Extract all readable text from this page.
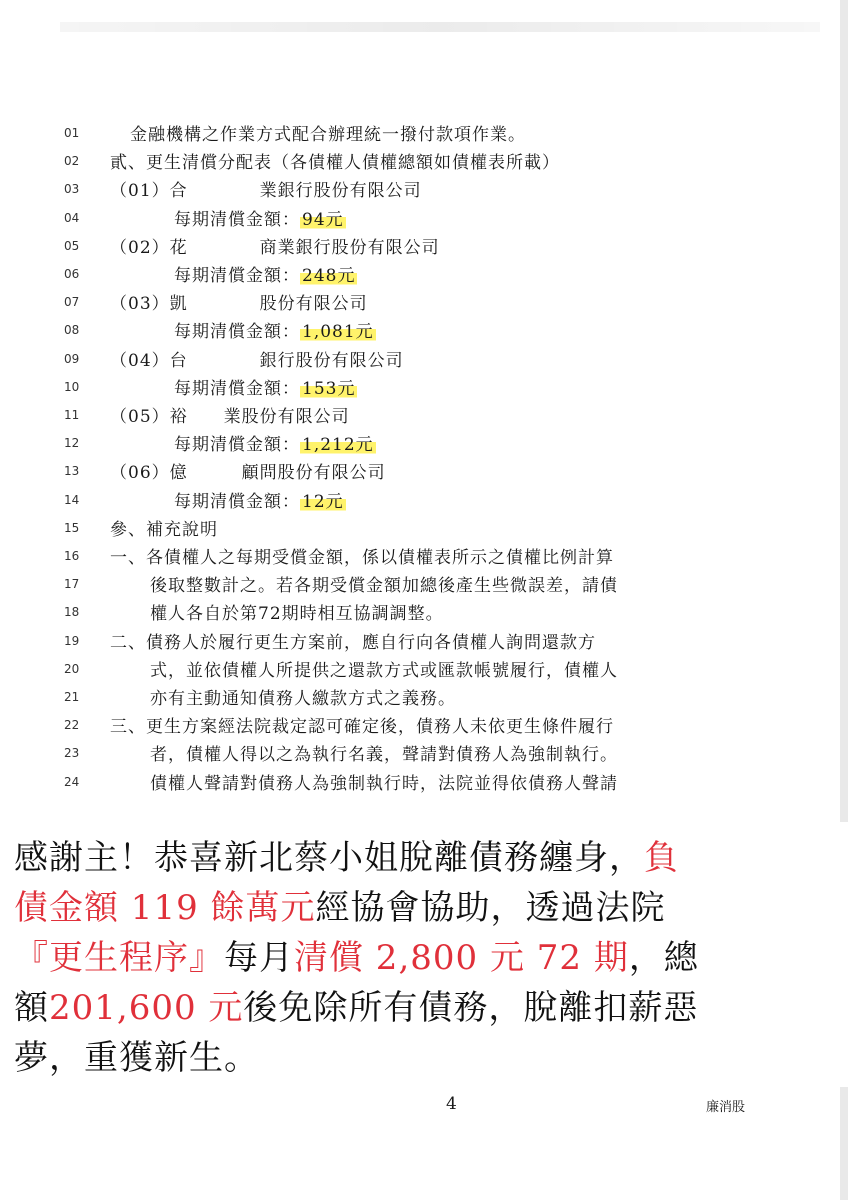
01	金融機構之作業方式配合辦理統一撥付款項作業。
02 貳、更生清償分配表（各債權人債權總額如債權表所載）
03 （01）合　　　　業銀行股份有限公司
04	每期清償金額： 94元
05 （02）花　　　　商業銀行股份有限公司
06	每期清償金額： 248元
07 （03）凱　　　　股份有限公司
08	每期清償金額： 1,081元
09 （04）台　　　　銀行股份有限公司
10	每期清償金額： 153元
11 （05）裕　　業股份有限公司
12	每期清償金額： 1,212元
13 （06）億　　　顧問股份有限公司
14	每期清償金額： 12元
15 參、補充說明
16 一、各債權人之每期受償金額，係以債權表所示之債權比例計算
17	後取整數計之。若各期受償金額加總後產生些微誤差，請債
18	權人各自於第72期時相互協調調整。
19 二、債務人於履行更生方案前，應自行向各債權人詢問還款方
20	式，並依債權人所提供之還款方式或匯款帳號履行，債權人
21	亦有主動通知債務人繳款方式之義務。
22 三、更生方案經法院裁定認可確定後，債務人未依更生條件履行
23	者，債權人得以之為執行名義，聲請對債務人為強制執行。
24	債權人聲請對債務人為強制執行時，法院並得依債務人聲請
感謝主！恭喜新北蔡小姐脫離債務纏身，負
債金額 119 餘萬元經協會協助，透過法院
『更生程序』每月清償 2,800 元 72 期，總
額201,600 元後免除所有債務，脫離扣薪惡
夢，重獲新生。
4	廉消股
